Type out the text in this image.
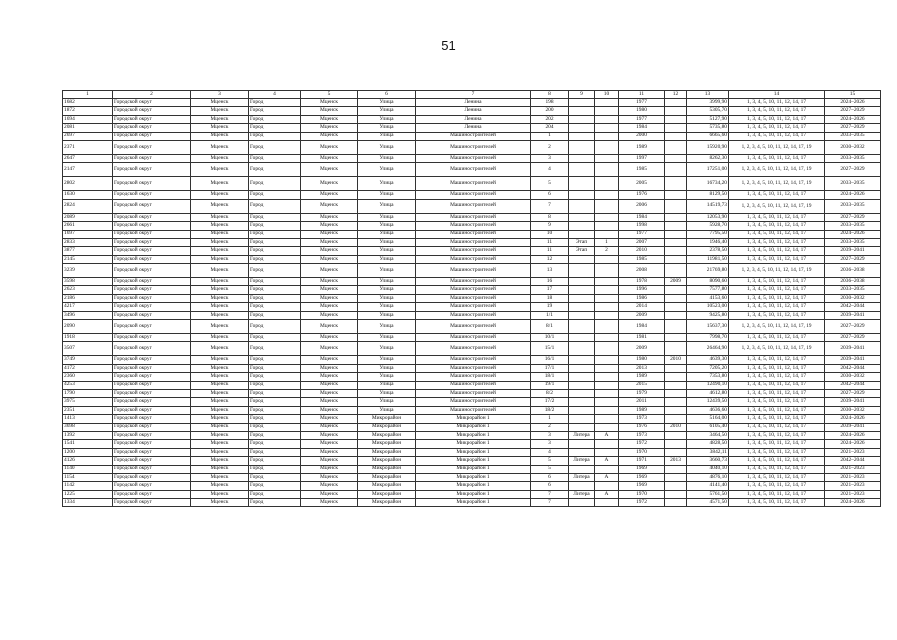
51
1	2	3	4	5	6	7	8	9	10	11	12	13	14	15
1682	Городской округ	Мценск	Город	Мценск	Улица	Ленина	198			1977		3999,90	1, 3, 4, 5, 10, 11, 12, 14, 17	2024–2026
1872	Городской округ	Мценск	Город	Мценск	Улица	Ленина	200			1980		5305,70	1, 3, 4, 5, 10, 11, 12, 14, 17	2027–2029
1694	Городской округ	Мценск	Город	Мценск	Улица	Ленина	202			1977		5127,90	1, 3, 4, 5, 10, 11, 12, 14, 17	2024–2026
2081	Городской округ	Мценск	Город	Мценск	Улица	Ленина	204			1984		5735,80	1, 3, 4, 5, 10, 11, 12, 14, 17	2027–2029
2697	Городской округ	Мценск	Город	Мценск	Улица	Машиностроителей	1			2000		6665,60	1, 3, 4, 5, 10, 11, 12, 14, 17	2033–2035
2371	Городской округ	Мценск	Город	Мценск	Улица	Машиностроителей	2			1989		15920,90	1, 2, 3, 4, 5, 10, 11, 12, 14, 17, 19	2030–2032
2647	Городской округ	Мценск	Город	Мценск	Улица	Машиностроителей	3			1997		8262,30	1, 3, 4, 5, 10, 11, 12, 14, 17	2033–2035
2147	Городской округ	Мценск	Город	Мценск	Улица	Машиностроителей	4			1985		17251,00	1, 2, 3, 4, 5, 10, 11, 12, 14, 17, 19	2027–2029
2802	Городской округ	Мценск	Город	Мценск	Улица	Машиностроителей	5			2005		16734,20	1, 2, 3, 4, 5, 10, 11, 12, 14, 17, 19	2033–2035
1630	Городской округ	Мценск	Город	Мценск	Улица	Машиностроителей	6			1976		8129,50	1, 3, 4, 5, 10, 11, 12, 14, 17	2024–2026
2824	Городской округ	Мценск	Город	Мценск	Улица	Машиностроителей	7			2006		14519,73	1, 2, 3, 4, 5, 10, 11, 12, 14, 17, 19	2033–2035
2089	Городской округ	Мценск	Город	Мценск	Улица	Машиностроителей	8			1984		12053,90	1, 3, 4, 5, 10, 11, 12, 14, 17	2027–2029
2661	Городской округ	Мценск	Город	Мценск	Улица	Машиностроителей	9			1998		5928,70	1, 3, 4, 5, 10, 11, 12, 14, 17	2033–2035
1697	Городской округ	Мценск	Город	Мценск	Улица	Машиностроителей	10			1977		7795,50	1, 3, 4, 5, 10, 11, 12, 14, 17	2024–2026
2833	Городской округ	Мценск	Город	Мценск	Улица	Машиностроителей	11	Этап	1	2007		1946,40	1, 3, 4, 5, 10, 11, 12, 14, 17	2033–2035
3877	Городской округ	Мценск	Город	Мценск	Улица	Машиностроителей	11	Этап	2	2010		2378,50	1, 3, 4, 5, 10, 11, 12, 14, 17	2039–2041
2145	Городской округ	Мценск	Город	Мценск	Улица	Машиностроителей	12			1985		11981,50	1, 3, 4, 5, 10, 11, 12, 14, 17	2027–2029
3239	Городской округ	Мценск	Город	Мценск	Улица	Машиностроителей	13			2008		21769,80	1, 2, 3, 4, 5, 10, 11, 12, 14, 17, 19	2036–2038
3598	Городской округ	Мценск	Город	Мценск	Улица	Машиностроителей	16			1978	2009	8090,60	1, 3, 4, 5, 10, 11, 12, 14, 17	2036–2038
2623	Городской округ	Мценск	Город	Мценск	Улица	Машиностроителей	17			1996		7577,80	1, 3, 4, 5, 10, 11, 12, 14, 17	2033–2035
2186	Городской округ	Мценск	Город	Мценск	Улица	Машиностроителей	18			1986		4153,60	1, 3, 4, 5, 10, 11, 12, 14, 17	2030–2032
4217	Городской округ	Мценск	Город	Мценск	Улица	Машиностроителей	19			2014		10523,00	1, 3, 4, 5, 10, 11, 12, 14, 17	2042–2044
3496	Городской округ	Мценск	Город	Мценск	Улица	Машиностроителей	1/1			2009		9425,80	1, 3, 4, 5, 10, 11, 12, 14, 17	2039–2041
2090	Городской округ	Мценск	Город	Мценск	Улица	Машиностроителей	8/1			1984		15637,30	1, 2, 3, 4, 5, 10, 11, 12, 14, 17, 19	2027–2029
1918	Городской округ	Мценск	Город	Мценск	Улица	Машиностроителей	10/1			1981		7998,70	1, 3, 4, 5, 10, 11, 12, 14, 17	2027–2029
3507	Городской округ	Мценск	Город	Мценск	Улица	Машиностроителей	15/1			2009		26464,90	1, 2, 3, 4, 5, 10, 11, 12, 14, 17, 19	2039–2041
3749	Городской округ	Мценск	Город	Мценск	Улица	Машиностроителей	16/1			1980	2010	4639,30	1, 3, 4, 5, 10, 11, 12, 14, 17	2039–2041
4172	Городской округ	Мценск	Город	Мценск	Улица	Машиностроителей	17/1			2013		7205,20	1, 3, 4, 5, 10, 11, 12, 14, 17	2042–2044
2360	Городской округ	Мценск	Город	Мценск	Улица	Машиностроителей	18/1			1989		7353,80	1, 3, 4, 5, 10, 11, 12, 14, 17	2030–2032
4253	Городской округ	Мценск	Город	Мценск	Улица	Машиностроителей	19/1			2015		12490,10	1, 3, 4, 5, 10, 11, 12, 14, 17	2042–2044
1790	Городской округ	Мценск	Город	Мценск	Улица	Машиностроителей	8/2			1979		4612,80	1, 3, 4, 5, 10, 11, 12, 14, 17	2027–2029
3975	Городской округ	Мценск	Город	Мценск	Улица	Машиностроителей	17/2			2011		12439,50	1, 3, 4, 5, 10, 11, 12, 14, 17	2039–2041
2351	Городской округ	Мценск	Город	Мценск	Улица	Машиностроителей	18/2			1989		4636,60	1, 3, 4, 5, 10, 11, 12, 14, 17	2030–2032
1413	Городской округ	Мценск	Город	Мценск	Микрорайон	Микрорайон 1	1			1973		5164,00	1, 3, 4, 5, 10, 11, 12, 14, 17	2024–2026
3698	Городской округ	Мценск	Город	Мценск	Микрорайон	Микрорайон 1	2			1976	2010	6105,40	1, 3, 4, 5, 10, 11, 12, 14, 17	2039–2041
1392	Городской округ	Мценск	Город	Мценск	Микрорайон	Микрорайон 1	3	Литера	А	1973		3464,50	1, 3, 4, 5, 10, 11, 12, 14, 17	2024–2026
1541	Городской округ	Мценск	Город	Мценск	Микрорайон	Микрорайон 1	3			1972		4828,50	1, 3, 4, 5, 10, 11, 12, 14, 17	2024–2026
1200	Городской округ	Мценск	Город	Мценск	Микрорайон	Микрорайон 1	4			1970		3842,11	1, 3, 4, 5, 10, 11, 12, 14, 17	2021–2023
4126	Городской округ	Мценск	Город	Мценск	Микрорайон	Микрорайон 1	5	Литера	А	1971	2013	3660,73	1, 3, 4, 5, 10, 11, 12, 14, 17	2042–2044
1140	Городской округ	Мценск	Город	Мценск	Микрорайон	Микрорайон 1	5			1969		4040,10	1, 3, 4, 5, 10, 11, 12, 14, 17	2021–2023
1154	Городской округ	Мценск	Город	Мценск	Микрорайон	Микрорайон 1	6	Литера	А	1969		4876,10	1, 3, 4, 5, 10, 11, 12, 14, 17	2021–2023
1142	Городской округ	Мценск	Город	Мценск	Микрорайон	Микрорайон 1	6			1969		4141,40	1, 3, 4, 5, 10, 11, 12, 14, 17	2021–2023
1225	Городской округ	Мценск	Город	Мценск	Микрорайон	Микрорайон 1	7	Литера	А	1970		5761,50	1, 3, 4, 5, 10, 11, 12, 14, 17	2021–2023
1334	Городской округ	Мценск	Город	Мценск	Микрорайон	Микрорайон 1	7			1972		4571,50	1, 3, 4, 5, 10, 11, 12, 14, 17	2024–2026
